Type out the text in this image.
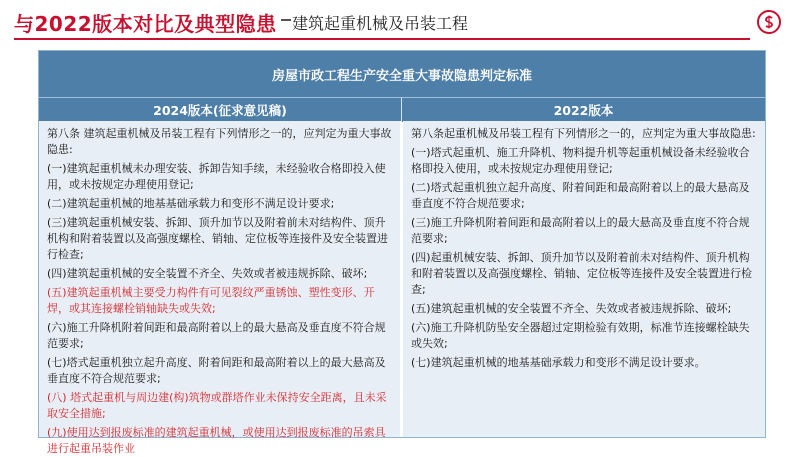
与2022版本对比及典型隐患 建筑起重机械及吊装工程
房屋市政工程生产安全重大事故隐患判定标准
2024版本(征求意见稿)	2022版本

第八条 建筑起重机械及吊装工程有下列情形之一的，应判定为重大事故隐患:

(一)建筑起重机械未办理安装、拆卸告知手续，未经验收合格即投入使用，或未按规定办理使用登记;

(二)建筑起重机械的地基基础承载力和变形不满足设计要求;

(三)建筑起重机械安装、拆卸、顶升加节以及附着前未对结构件、顶升机构和附着装置以及高强度螺栓、销轴、定位板等连接件及安全装置进行检查;

(四)建筑起重机械的安全装置不齐全、失效或者被违规拆除、破坏;

(五)建筑起重机械主要受力构件有可见裂纹严重锈蚀、塑性变形、开焊，或其连接螺栓销轴缺失或失效;

(六)施工升降机附着间距和最高附着以上的最大悬高及垂直度不符合规范要求;

(七)塔式起重机独立起升高度、附着间距和最高附着以上的最大悬高及垂直度不符合规范要求;

(八) 塔式起重机与周边建(构)筑物或群塔作业未保持安全距离，且未采取安全措施;

(九)使用达到报废标准的建筑起重机械，或使用达到报废标准的吊索具进行起重吊装作业

第八条起重机械及吊装工程有下列情形之一的，应判定为重大事故隐患:

(一)塔式起重机、施工升降机、物料提升机等起重机械设备未经验收合格即投入使用，或未按规定办理使用登记;

(二)塔式起重机独立起升高度、附着间距和最高附着以上的最大悬高及垂直度不符合规范要求;

(三)施工升降机附着间距和最高附着以上的最大悬高及垂直度不符合规范要求;

(四)起重机械安装、拆卸、顶升加节以及附着前未对结构件、顶升机构和附着装置以及高强度螺栓、销轴、定位板等连接件及安全装置进行检查;

(五)建筑起重机械的安全装置不齐全、失效或者被违规拆除、破坏;

(六)施工升降机防坠安全器超过定期检验有效期，标准节连接螺栓缺失或失效;

(七)建筑起重机械的地基基础承载力和变形不满足设计要求。
